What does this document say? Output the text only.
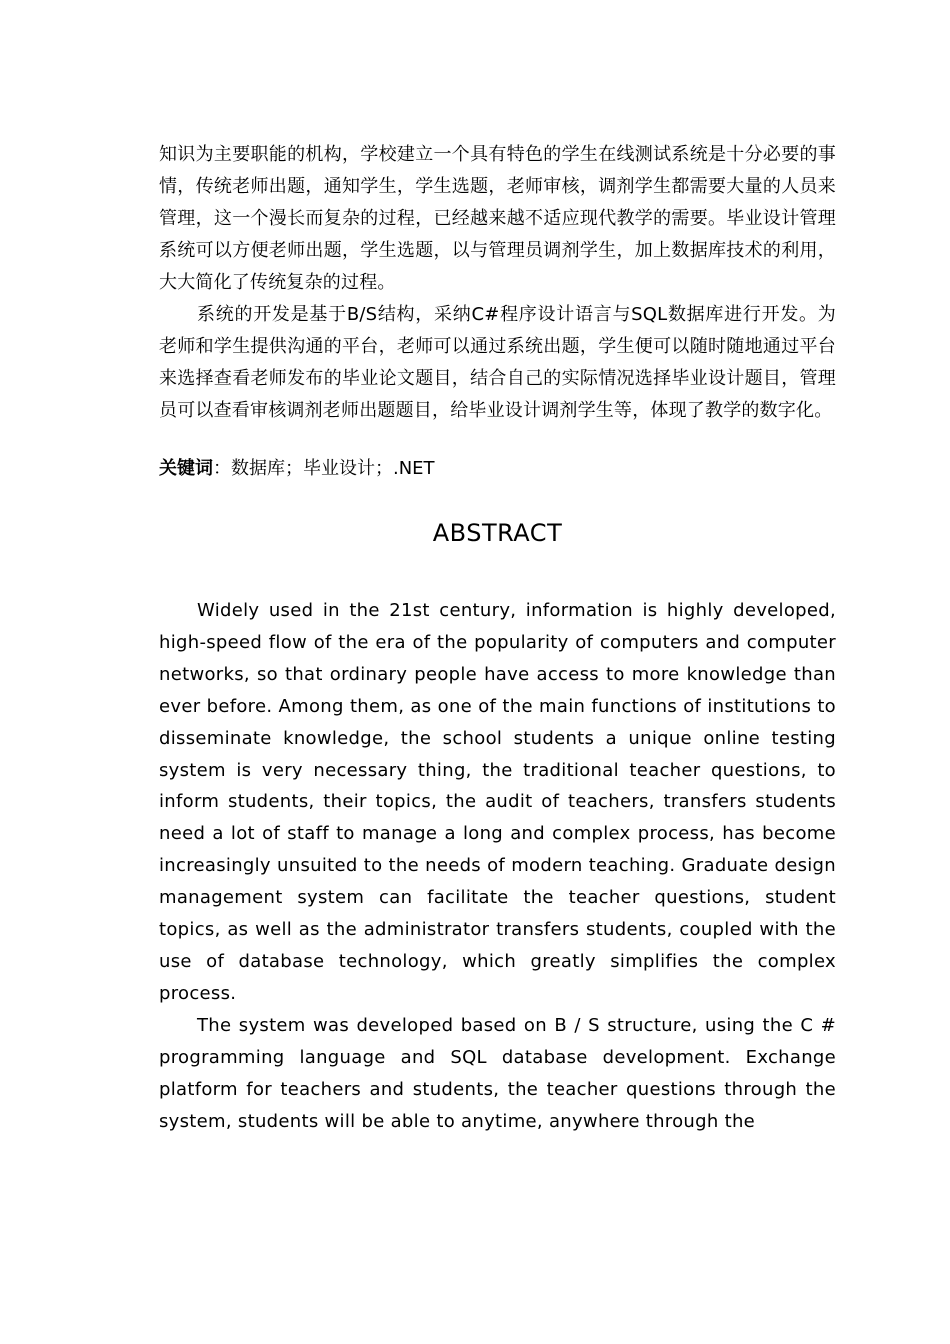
知识为主要职能的机构，学校建立一个具有特色的学生在线测试系统是十分必要的事情，传统老师出题，通知学生，学生选题，老师审核，调剂学生都需要大量的人员来管理，这一个漫长而复杂的过程，已经越来越不适应现代教学的需要。毕业设计管理系统可以方便老师出题，学生选题，以与管理员调剂学生，加上数据库技术的利用，大大简化了传统复杂的过程。

系统的开发是基于B/S结构，采纳C#程序设计语言与SQL数据库进行开发。为老师和学生提供沟通的平台，老师可以通过系统出题，学生便可以随时随地通过平台来选择查看老师发布的毕业论文题目，结合自己的实际情况选择毕业设计题目，管理员可以查看审核调剂老师出题题目，给毕业设计调剂学生等，体现了教学的数字化。

关键词：数据库；毕业设计；.NET

ABSTRACT

Widely used in the 21st century, information is highly developed, high-speed flow of the era of the popularity of computers and computer networks, so that ordinary people have access to more knowledge than ever before. Among them, as one of the main functions of institutions to disseminate knowledge, the school students a unique online testing system is very necessary thing, the traditional teacher questions, to inform students, their topics, the audit of teachers, transfers students need a lot of staff to manage a long and complex process, has become increasingly unsuited to the needs of modern teaching. Graduate design management system can facilitate the teacher questions, student topics, as well as the administrator transfers students, coupled with the use of database technology, which greatly simplifies the complex process.

The system was developed based on B / S structure, using the C # programming language and SQL database development. Exchange platform for teachers and students, the teacher questions through the system, students will be able to anytime, anywhere through the
